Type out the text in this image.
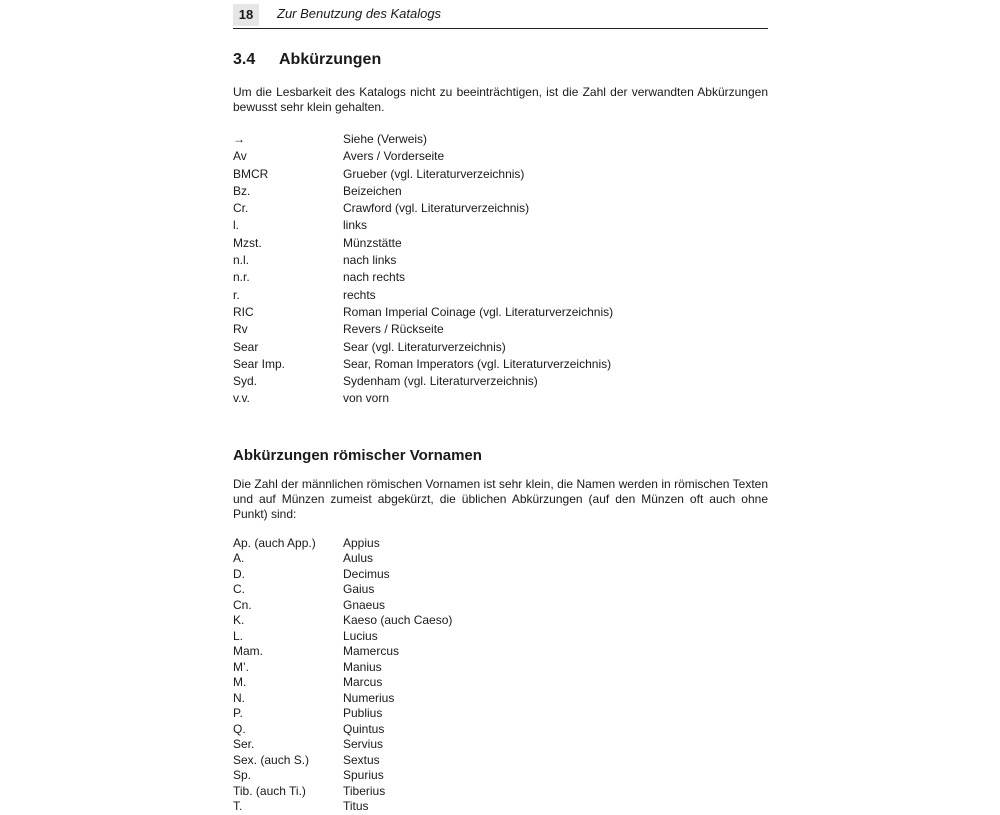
18	Zur Benutzung des Katalogs
3.4 Abkürzungen
Um die Lesbarkeit des Katalogs nicht zu beeinträchtigen, ist die Zahl der verwandten Abkürzungen bewusst sehr klein gehalten.
→	Siehe (Verweis)
Av	Avers / Vorderseite
BMCR	Grueber (vgl. Literaturverzeichnis)
Bz.	Beizeichen
Cr.	Crawford (vgl. Literaturverzeichnis)
l.	links
Mzst.	Münzstätte
n.l.	nach links
n.r.	nach rechts
r.	rechts
RIC	Roman Imperial Coinage (vgl. Literaturverzeichnis)
Rv	Revers / Rückseite
Sear	Sear (vgl. Literaturverzeichnis)
Sear Imp.	Sear, Roman Imperators (vgl. Literaturverzeichnis)
Syd.	Sydenham (vgl. Literaturverzeichnis)
v.v.	von vorn
Abkürzungen römischer Vornamen
Die Zahl der männlichen römischen Vornamen ist sehr klein, die Namen werden in römischen Texten und auf Münzen zumeist abgekürzt, die üblichen Abkürzungen (auf den Münzen oft auch ohne Punkt) sind:
Ap. (auch App.) Appius
A.	Aulus
D.	Decimus
C.	Gaius
Cn.	Gnaeus
K.	Kaeso (auch Caeso)
L.	Lucius
Mam.	Mamercus
M’.	Manius
M.	Marcus
N.	Numerius
P.	Publius
Q.	Quintus
Ser.	Servius
Sex. (auch S.)	Sextus
Sp.	Spurius
Tib. (auch Ti.)	Tiberius
T.	Titus
